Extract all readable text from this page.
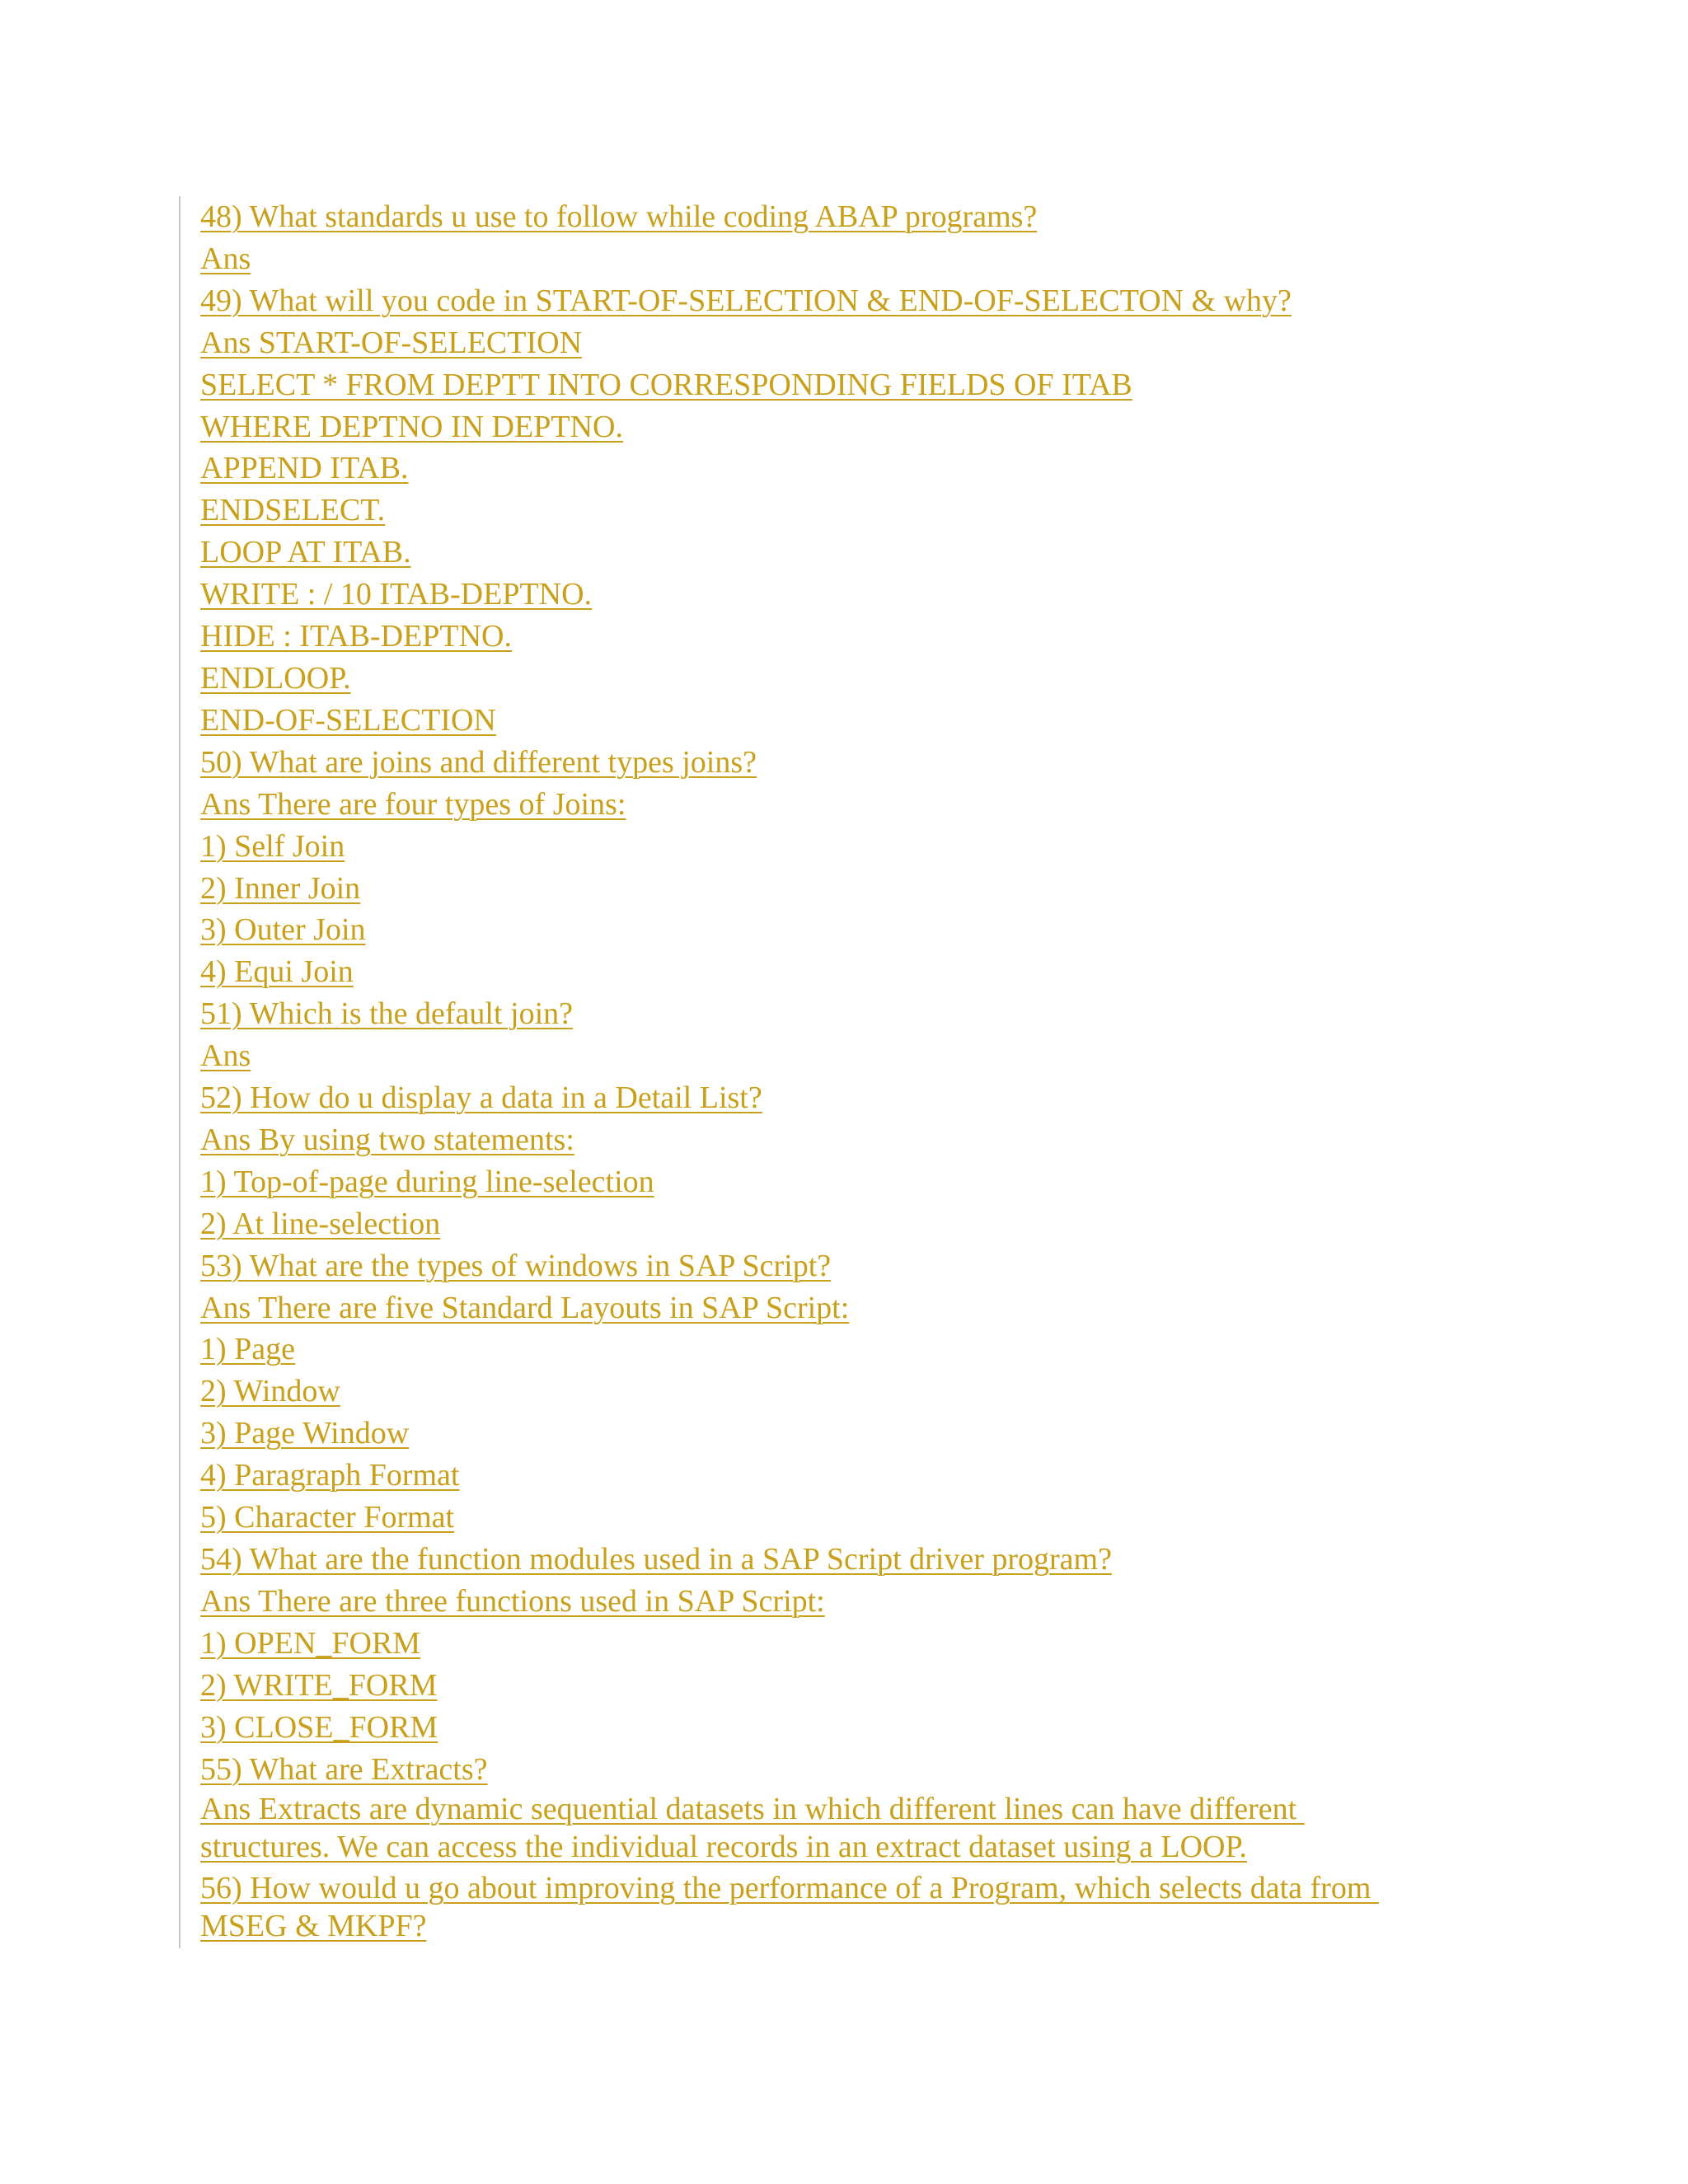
48) What standards u use to follow while coding ABAP programs?
Ans
49) What will you code in START-OF-SELECTION & END-OF-SELECTON & why?
Ans START-OF-SELECTION
SELECT * FROM DEPTT INTO CORRESPONDING FIELDS OF ITAB
WHERE DEPTNO IN DEPTNO.
APPEND ITAB.
ENDSELECT.
LOOP AT ITAB.
WRITE : / 10 ITAB-DEPTNO.
HIDE : ITAB-DEPTNO.
ENDLOOP.
END-OF-SELECTION
50) What are joins and different types joins?
Ans There are four types of Joins:
1) Self Join
2) Inner Join
3) Outer Join
4) Equi Join
51) Which is the default join?
Ans
52) How do u display a data in a Detail List?
Ans By using two statements:
1) Top-of-page during line-selection
2) At line-selection
53) What are the types of windows in SAP Script?
Ans There are five Standard Layouts in SAP Script:
1) Page
2) Window
3) Page Window
4) Paragraph Format
5) Character Format
54) What are the function modules used in a SAP Script driver program?
Ans There are three functions used in SAP Script:
1) OPEN_FORM
2) WRITE_FORM
3) CLOSE_FORM
55) What are Extracts?
Ans Extracts are dynamic sequential datasets in which different lines can have different
structures. We can access the individual records in an extract dataset using a LOOP.
56) How would u go about improving the performance of a Program, which selects data from
MSEG & MKPF?
